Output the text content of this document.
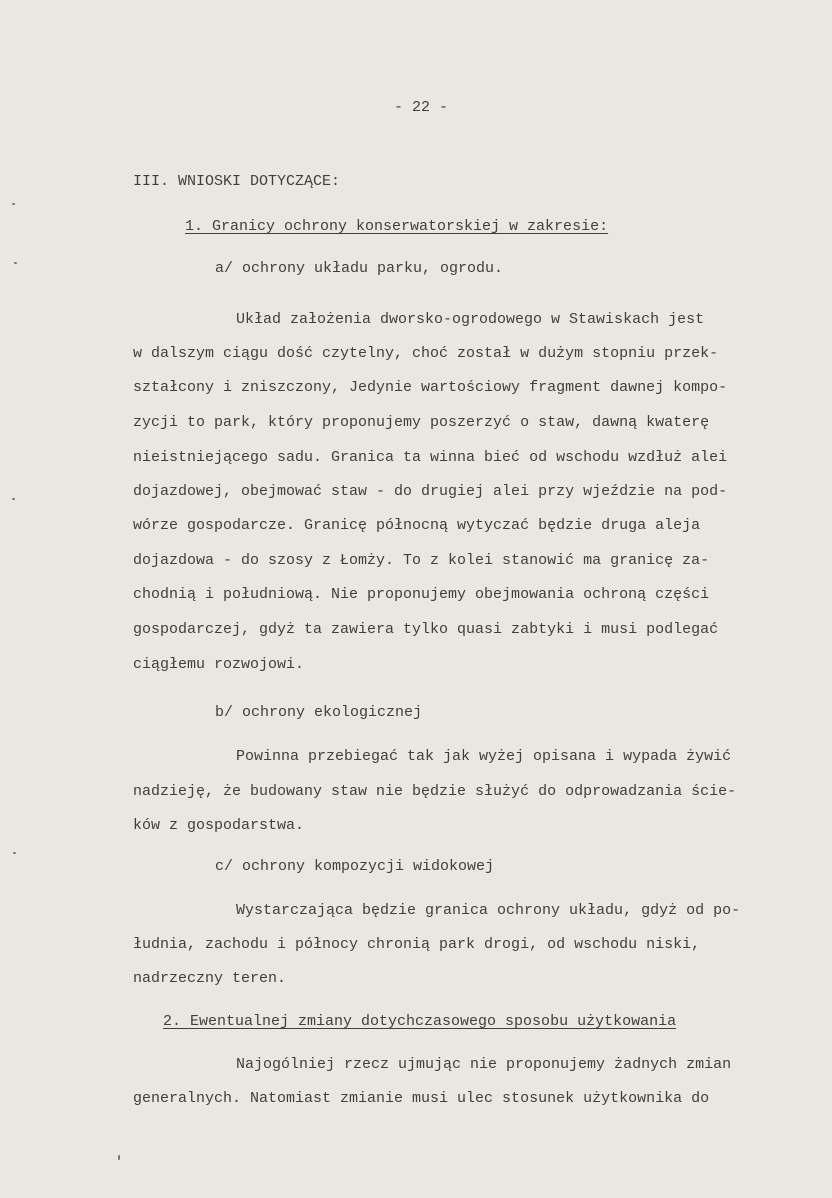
- 22 -
III. WNIOSKI DOTYCZĄCE:
1. Granicy ochrony konserwatorskiej w zakresie:
a/ ochrony układu parku, ogrodu.
Układ założenia dworsko-ogrodowego w Stawiskach jest
w dalszym ciągu dość czytelny, choć został w dużym stopniu przek-
ształcony i zniszczony, Jedynie wartościowy fragment dawnej kompo-
zycji to park, który proponujemy poszerzyć o staw, dawną kwaterę
nieistniejącego sadu. Granica ta winna bieć od wschodu wzdłuż alei
dojazdowej, obejmować staw - do drugiej alei przy wjeździe na pod-
wórze gospodarcze. Granicę północną wytyczać będzie druga aleja
dojazdowa - do szosy z Łomży. To z kolei stanowić ma granicę za-
chodnią i południową. Nie proponujemy obejmowania ochroną części
gospodarczej, gdyż ta zawiera tylko quasi zabtyki i musi podlegać
ciągłemu rozwojowi.
b/ ochrony ekologicznej
Powinna przebiegać tak jak wyżej opisana i wypada żywić
nadzieję, że budowany staw nie będzie służyć do odprowadzania ście-
ków z gospodarstwa.
c/ ochrony kompozycji widokowej
Wystarczająca będzie granica ochrony układu, gdyż od po-
łudnia, zachodu i północy chronią park drogi, od wschodu niski,
nadrzeczny teren.
2. Ewentualnej zmiany dotychczasowego sposobu użytkowania
Najogólniej rzecz ujmując nie proponujemy żadnych zmian
generalnych. Natomiast zmianie musi ulec stosunek użytkownika do
